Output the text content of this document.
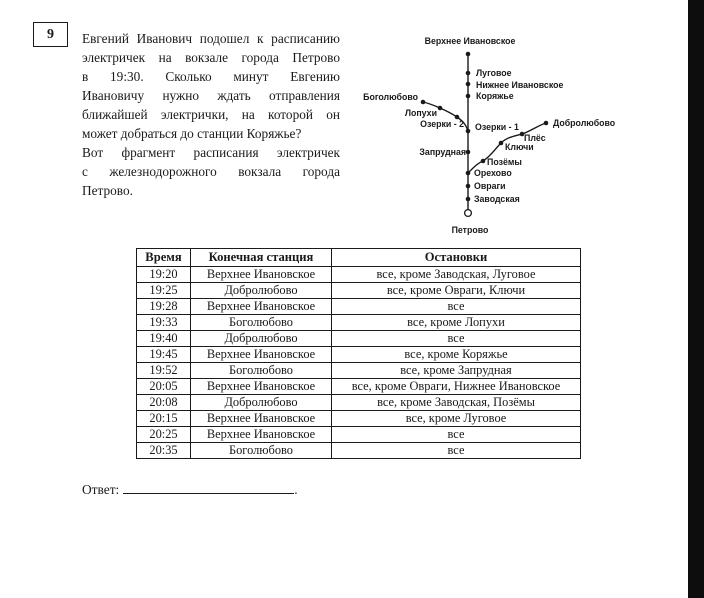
9 Евгений Иванович подошел к расписанию
электричек на вокзале города Петрово
в 19:30. Сколько минут Евгению
Ивановичу нужно ждать отправления
ближайшей электрички, на которой он
может добраться до станции Коряжье?
Вот фрагмент расписания электричек
с железнодорожного вокзала города
Петрово.
Верхнее Ивановское
Луговое
Нижнее Ивановское
Коряжье
Боголюбово
Лопухи
Озерки - 2 Озерки - 1	Добролюбово
Плёс
Ключи
Запрудная
Позёмы
Орехово
Овраги
Заводская
Петрово
Время	Конечная станция	Остановки
19:20	Верхнее Ивановское	все, кроме Заводская, Луговое
19:25	Добролюбово	все, кроме Овраги, Ключи
19:28	Верхнее Ивановское	все
19:33	Боголюбово	все, кроме Лопухи
19:40	Добролюбово	все
19:45	Верхнее Ивановское	все, кроме Коряжье
19:52	Боголюбово	все, кроме Запрудная
20:05	Верхнее Ивановское	все, кроме Овраги, Нижнее Ивановское
20:08	Добролюбово	все, кроме Заводская, Позёмы
20:15	Верхнее Ивановское	все, кроме Луговое
20:25	Верхнее Ивановское	все
20:35	Боголюбово	все
Ответ:	.
